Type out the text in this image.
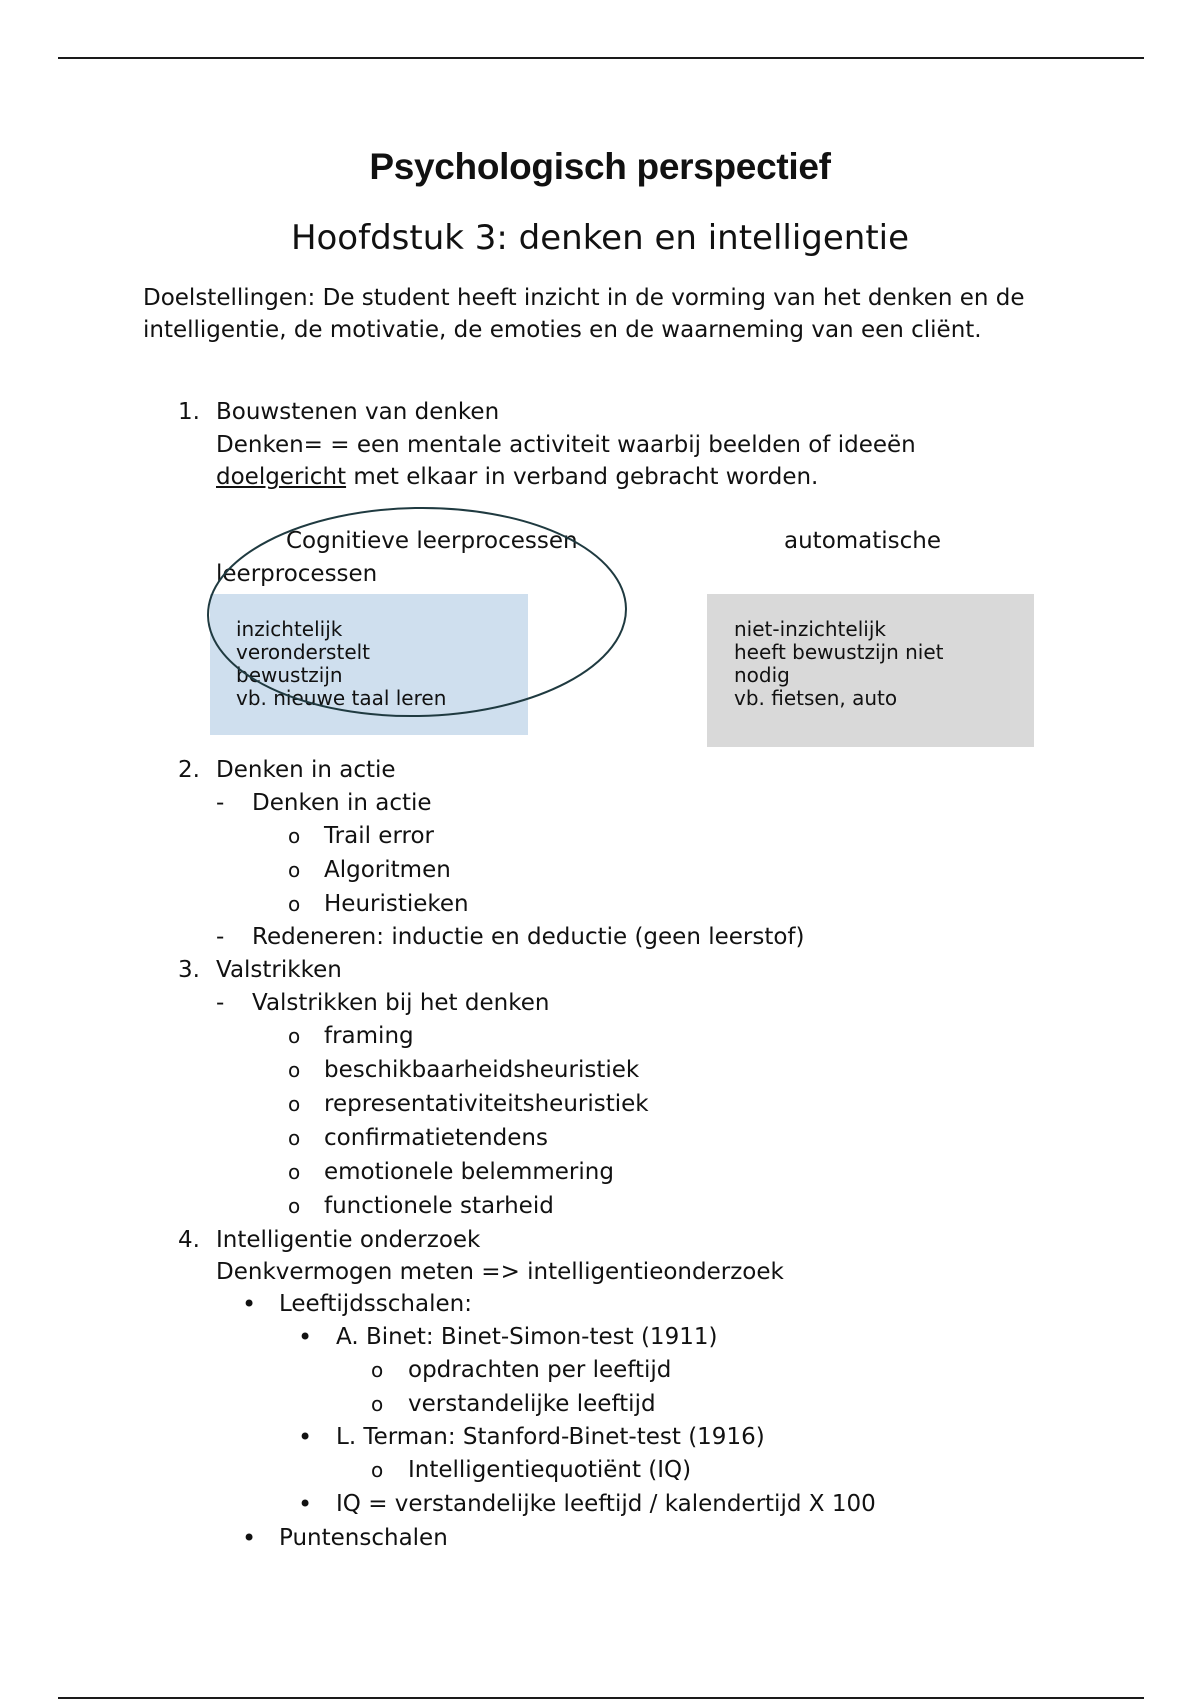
Psychologisch perspectief
Hoofdstuk 3: denken en intelligentie
Doelstellingen: De student heeft inzicht in de vorming van het denken en de intelligentie, de motivatie, de emoties en de waarneming van een cliënt.
1. Bouwstenen van denken
Denken= = een mentale activiteit waarbij beelden of ideeën
doelgericht met elkaar in verband gebracht worden.
Cognitieve leerprocessen	automatische
leerprocessen
inzichtelijk
veronderstelt
bewustzijn
vb. nieuwe taal leren
niet-inzichtelijk
heeft bewustzijn niet
nodig
vb. fietsen, auto
2. Denken in actie
- Denken in actie
o Trail error
o Algoritmen
o Heuristieken
- Redeneren: inductie en deductie (geen leerstof)
3. Valstrikken
- Valstrikken bij het denken
o framing
o beschikbaarheidsheuristiek
o representativiteitsheuristiek
o confirmatietendens
o emotionele belemmering
o functionele starheid
4. Intelligentie onderzoek
Denkvermogen meten => intelligentieonderzoek
• Leeftijdsschalen:
• A. Binet: Binet-Simon-test (1911)
o opdrachten per leeftijd
o verstandelijke leeftijd
• L. Terman: Stanford-Binet-test (1916)
o Intelligentiequotiënt (IQ)
• IQ = verstandelijke leeftijd / kalendertijd X 100
• Puntenschalen
